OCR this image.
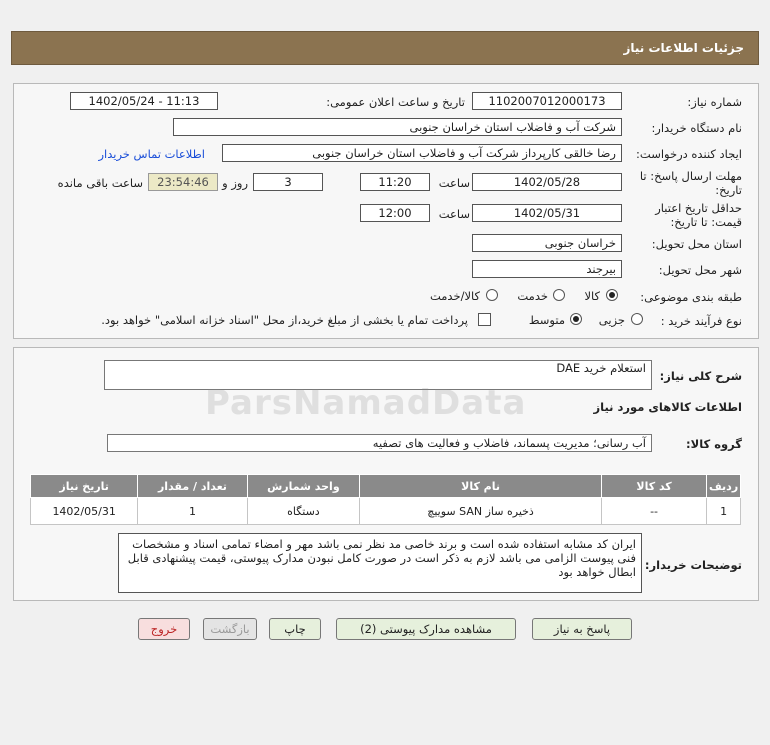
جزئیات اطلاعات نیاز
شماره نیاز:
1102007012000173
تاریخ و ساعت اعلان عمومی:
1402/05/24 - 11:13
نام دستگاه خریدار:
شرکت آب و فاضلاب استان خراسان جنوبی
ایجاد کننده درخواست:
رضا خالقی کارپرداز شرکت آب و فاضلاب استان خراسان جنوبی
اطلاعات تماس خریدار
مهلت ارسال پاسخ: تا
تاریخ:
1402/05/28
ساعت
11:20
3
روز و
23:54:46
ساعت باقی مانده
حداقل تاریخ اعتبار
قیمت: تا تاریخ:
1402/05/31
ساعت
12:00
استان محل تحویل:
خراسان جنوبی
شهر محل تحویل:
بیرجند
طبقه بندی موضوعی:
کالا
خدمت
کالا/خدمت
نوع فرآیند خرید :
جزیی
متوسط
پرداخت تمام یا بخشی از مبلغ خرید،از محل "اسناد خزانه اسلامی" خواهد بود.
شرح کلی نیاز:
استعلام خرید DAE
اطلاعات کالاهای مورد نیاز
گروه کالا:
آب رسانی؛ مدیریت پسماند، فاضلاب و فعالیت های تصفیه
ردیف	کد کالا	نام کالا	واحد شمارش	تعداد / مقدار	تاریخ نیاز
1	--	ذخیره ساز SAN سوییچ	دستگاه	1	1402/05/31
توضیحات خریدار:
ایران کد مشابه استفاده شده است و برند خاصی مد نظر نمی باشد مهر و امضاء تمامی اسناد و مشخصات فنی پیوست الزامی می باشد لازم به ذکر است در صورت کامل نبودن مدارک پیوستی، قیمت پیشنهادی قابل ابطال خواهد بود
ParsNamadData
پاسخ به نیاز
مشاهده مدارک پیوستی (2)
چاپ
بازگشت
خروج
